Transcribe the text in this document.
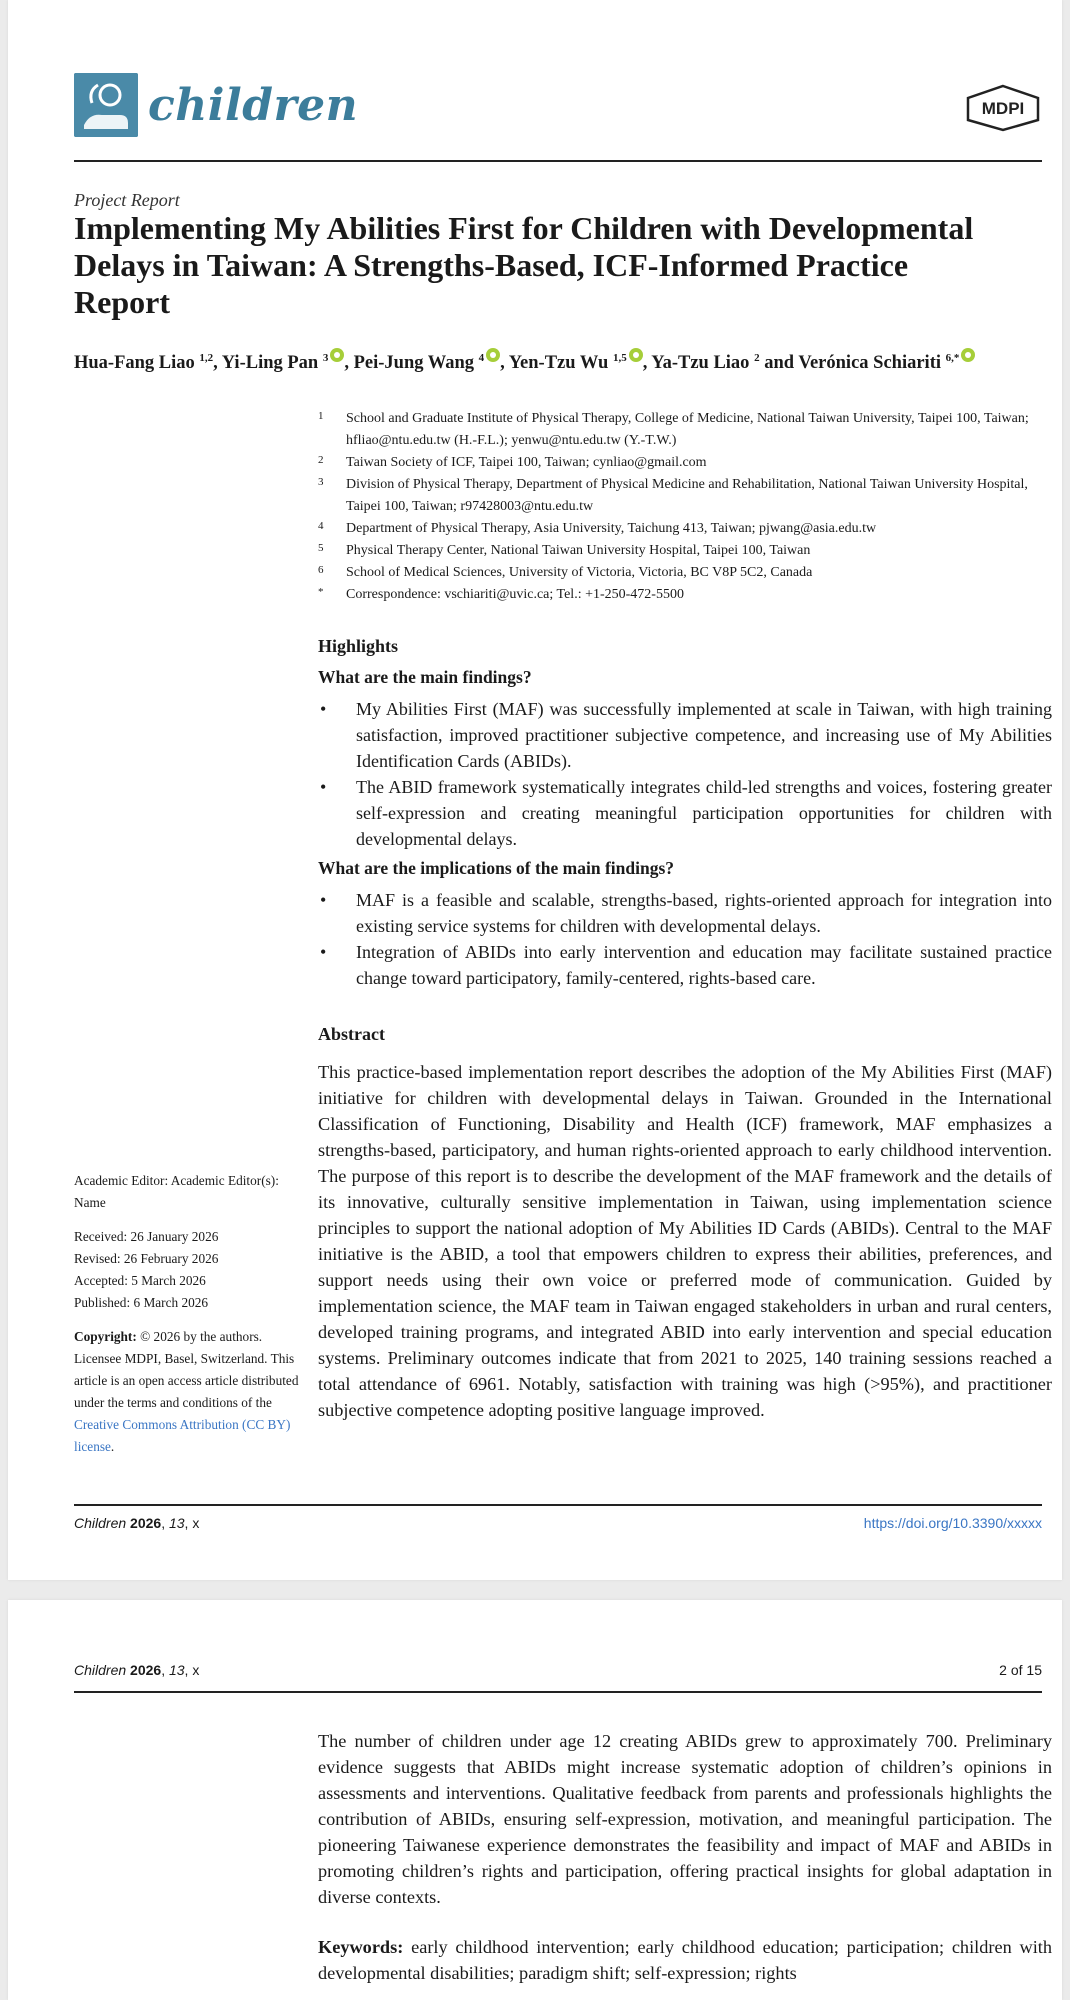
children	MDPI
Project Report
Implementing My Abilities First for Children with Developmental Delays in Taiwan: A Strengths-Based, ICF-Informed Practice Report
Hua-Fang Liao $^{1,2}$, Yi-Ling Pan $^3$ , Pei-Jung Wang $^4$ , Yen-Tzu Wu $^{1,5}$ , Ya-Tzu Liao $^2$ and Verónica Schiariti $^{6,*}$
1	School and Graduate Institute of Physical Therapy, College of Medicine, National Taiwan University, Taipei 100, Taiwan; hfliao@ntu.edu.tw (H.-F.L.); yenwu@ntu.edu.tw (Y.-T.W.)
2	Taiwan Society of ICF, Taipei 100, Taiwan; cynliao@gmail.com
3	Division of Physical Therapy, Department of Physical Medicine and Rehabilitation, National Taiwan University Hospital, Taipei 100, Taiwan; r97428003@ntu.edu.tw
4	Department of Physical Therapy, Asia University, Taichung 413, Taiwan; pjwang@asia.edu.tw
5	Physical Therapy Center, National Taiwan University Hospital, Taipei 100, Taiwan
6	School of Medical Sciences, University of Victoria, Victoria, BC V8P 5C2, Canada
*	Correspondence: vschiariti@uvic.ca; Tel.: +1-250-472-5500

Highlights

What are the main findings?

• My Abilities First (MAF) was successfully implemented at scale in Taiwan, with high training satisfaction, improved practitioner subjective competence, and increasing use of My Abilities Identification Cards (ABIDs).
• The ABID framework systematically integrates child-led strengths and voices, fostering greater self-expression and creating meaningful participation opportunities for children with developmental delays.

What are the implications of the main findings?

• MAF is a feasible and scalable, strengths-based, rights-oriented approach for integration into existing service systems for children with developmental delays.
• Integration of ABIDs into early intervention and education may facilitate sustained practice change toward participatory, family-centered, rights-based care.

Abstract

This practice-based implementation report describes the adoption of the My Abilities First (MAF) initiative for children with developmental delays in Taiwan. Grounded in the International Classification of Functioning, Disability and Health (ICF) framework, MAF emphasizes a strengths-based, participatory, and human rights-oriented approach to early childhood intervention. The purpose of this report is to describe the development of the MAF framework and the details of its innovative, culturally sensitive implementation in Taiwan, using implementation science principles to support the national adoption of My Abilities ID Cards (ABIDs). Central to the MAF initiative is the ABID, a tool that empowers children to express their abilities, preferences, and support needs using their own voice or preferred mode of communication. Guided by implementation science, the MAF team in Taiwan engaged stakeholders in urban and rural centers, developed training programs, and integrated ABID into early intervention and special education systems. Preliminary outcomes indicate that from 2021 to 2025, 140 training sessions reached a total attendance of 6961. Notably, satisfaction with training was high (>95%), and practitioner subjective competence adopting positive language improved.

Academic Editor: Academic Editor(s): Name

Received: 26 January 2026

Revised: 26 February 2026

Accepted: 5 March 2026

Published: 6 March 2026

Copyright: © 2026 by the authors. Licensee MDPI, Basel, Switzerland. This article is an open access article distributed under the terms and conditions of the Creative Commons Attribution (CC BY) license.

Children 2026, 13, x	https://doi.org/10.3390/xxxxx
Children 2026, 13, x	2 of 15
The number of children under age 12 creating ABIDs grew to approximately 700. Preliminary evidence suggests that ABIDs might increase systematic adoption of children’s opinions in assessments and interventions. Qualitative feedback from parents and professionals highlights the contribution of ABIDs, ensuring self-expression, motivation, and meaningful participation. The pioneering Taiwanese experience demonstrates the feasibility and impact of MAF and ABIDs in promoting children’s rights and participation, offering practical insights for global adaptation in diverse contexts.
Keywords: early childhood intervention; early childhood education; participation; children with developmental disabilities; paradigm shift; self-expression; rights
